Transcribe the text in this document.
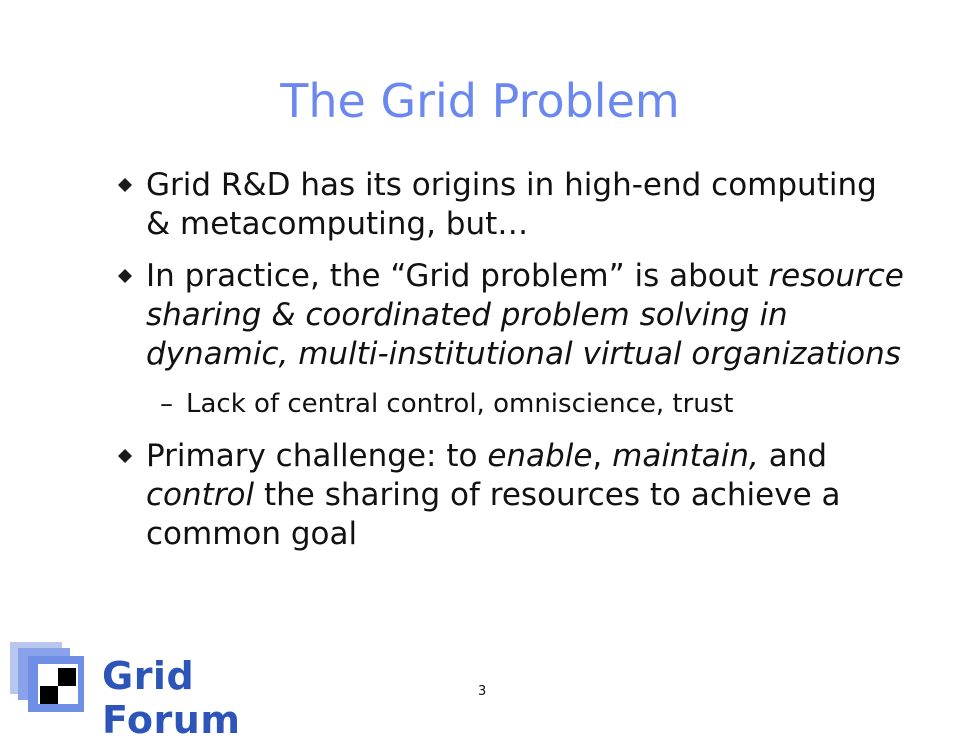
The Grid Problem
Grid R&D has its origins in high-end computing & metacomputing, but…
In practice, the “Grid problem” is about resource sharing & coordinated problem solving in dynamic, multi-institutional virtual organizations
– Lack of central control, omniscience, trust
Primary challenge: to enable, maintain, and control the sharing of resources to achieve a common goal
Grid Forum
3
